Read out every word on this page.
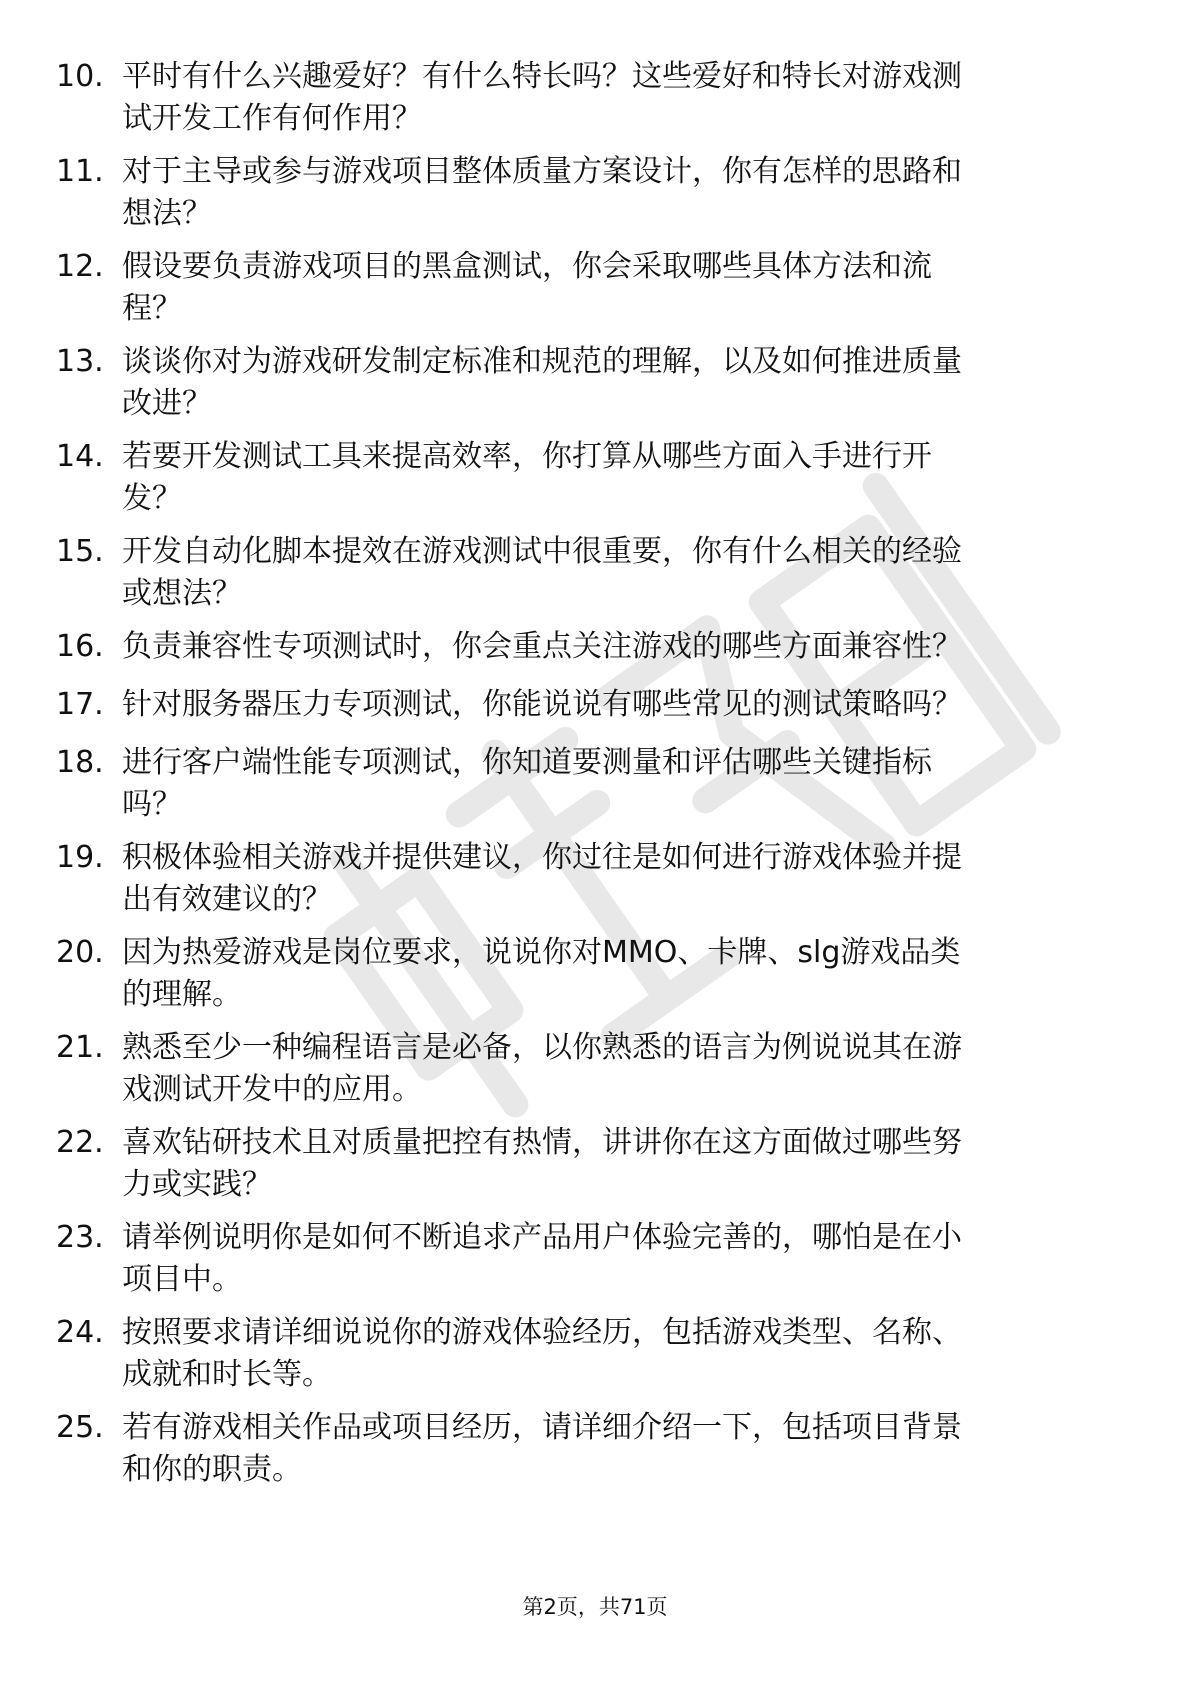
10. 平时有什么兴趣爱好？有什么特长吗？这些爱好和特长对游戏测
试开发工作有何作用？
11. 对于主导或参与游戏项目整体质量方案设计，你有怎样的思路和
想法？
12. 假设要负责游戏项目的黑盒测试，你会采取哪些具体方法和流
程？
13. 谈谈你对为游戏研发制定标准和规范的理解，以及如何推进质量
改进？
14. 若要开发测试工具来提高效率，你打算从哪些方面入手进行开
发？
15. 开发自动化脚本提效在游戏测试中很重要，你有什么相关的经验
或想法？
16. 负责兼容性专项测试时，你会重点关注游戏的哪些方面兼容性？
17. 针对服务器压力专项测试，你能说说有哪些常见的测试策略吗？
18. 进行客户端性能专项测试，你知道要测量和评估哪些关键指标
吗？
19. 积极体验相关游戏并提供建议，你过往是如何进行游戏体验并提
出有效建议的？
20. 因为热爱游戏是岗位要求，说说你对MMO、卡牌、slg游戏品类
的理解。
21. 熟悉至少一种编程语言是必备，以你熟悉的语言为例说说其在游
戏测试开发中的应用。
22. 喜欢钻研技术且对质量把控有热情，讲讲你在这方面做过哪些努
力或实践？
23. 请举例说明你是如何不断追求产品用户体验完善的，哪怕是在小
项目中。
24. 按照要求请详细说说你的游戏体验经历，包括游戏类型、名称、
成就和时长等。
25. 若有游戏相关作品或项目经历，请详细介绍一下，包括项目背景
和你的职责。
第2页，共71页
